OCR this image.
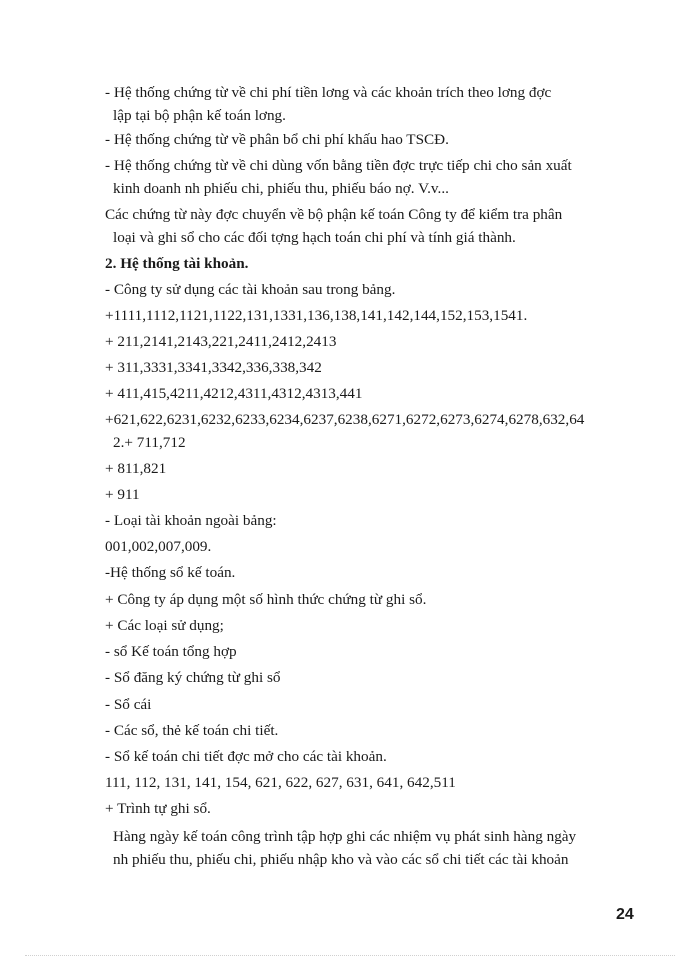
- Hệ thống chứng từ về chi phí tiền lơng và các khoản trích theo lơng đợc
lập tại bộ phận kế toán lơng.
- Hệ thống chứng từ về phân bổ chi phí khấu hao TSCĐ.
- Hệ thống chứng từ về chi dùng vốn bằng tiền đợc trực tiếp chi cho sản xuất
kinh doanh nh phiếu chi, phiếu thu, phiếu báo nợ. V.v...
Các chứng từ này đợc chuyển về bộ phận kế toán Công ty để kiểm tra phân
loại và ghi sổ cho các đối tợng hạch toán chi phí và tính giá thành.
2. Hệ thống tài khoản.
- Công ty sử dụng các tài khoản sau trong bảng.
+1111,1112,1121,1122,131,1331,136,138,141,142,144,152,153,1541.
+ 211,2141,2143,221,2411,2412,2413
+ 311,3331,3341,3342,336,338,342
+ 411,415,4211,4212,4311,4312,4313,441
+621,622,6231,6232,6233,6234,6237,6238,6271,6272,6273,6274,6278,632,64
2.+ 711,712
+ 811,821
+ 911
- Loại tài khoản ngoài bảng:
001,002,007,009.
-Hệ thống sổ kế toán.
+ Công ty áp dụng một số hình thức chứng từ ghi sổ.
+ Các loại sử dụng;
- sổ Kế toán tổng hợp
- Sổ đăng ký chứng từ ghi sổ
- Sổ cái
- Các sổ, thẻ kế toán chi tiết.
- Sổ kế toán chi tiết đợc mở cho các tài khoản.
111, 112, 131, 141, 154, 621, 622, 627, 631, 641, 642,511
+ Trình tự ghi sổ.
Hàng ngày kế toán công trình tập hợp ghi các nhiệm vụ phát sinh hàng ngày
nh phiếu thu, phiếu chi, phiếu nhập kho và vào các sổ chi tiết các tài khoản
24
